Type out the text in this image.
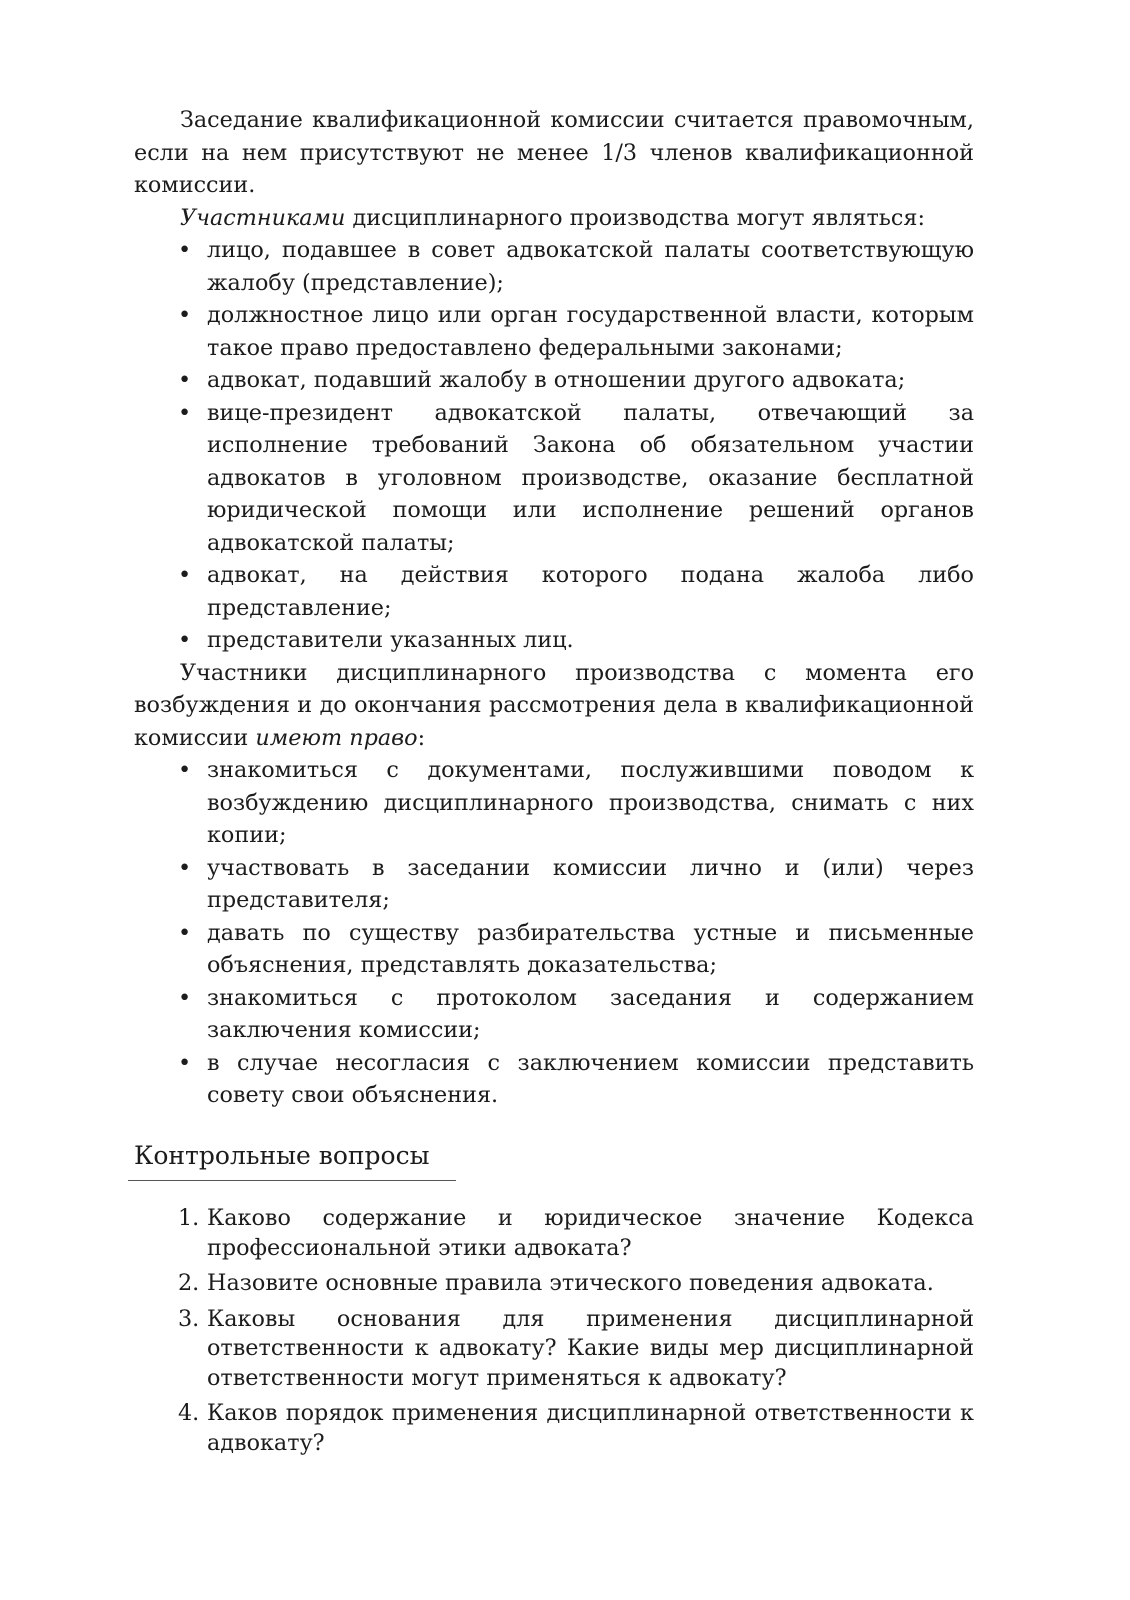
Заседание квалификационной комиссии считается правомочным, если на нем присутствуют не менее 1/3 членов квалификационной комиссии.

Участниками дисциплинарного производства могут являться:

• лицо, подавшее в совет адвокатской палаты соответствующую жалобу (представление);
• должностное лицо или орган государственной власти, которым такое право предоставлено федеральными законами;
• адвокат, подавший жалобу в отношении другого адвоката;
• вице-президент адвокатской палаты, отвечающий за исполнение требований Закона об обязательном участии адвокатов в уголовном производстве, оказание бесплатной юридической помощи или исполнение решений органов адвокатской палаты;
• адвокат, на действия которого подана жалоба либо представление;
• представители указанных лиц.

Участники дисциплинарного производства с момента его возбуждения и до окончания рассмотрения дела в квалификационной комиссии имеют право:

• знакомиться с документами, послужившими поводом к возбуждению дисциплинарного производства, снимать с них копии;
• участвовать в заседании комиссии лично и (или) через представителя;
• давать по существу разбирательства устные и письменные объяснения, представлять доказательства;
• знакомиться с протоколом заседания и содержанием заключения комиссии;
• в случае несогласия с заключением комиссии представить совету свои объяснения.
Контрольные вопросы
1. Каково содержание и юридическое значение Кодекса профессиональной этики адвоката?
2. Назовите основные правила этического поведения адвоката.
3. Каковы основания для применения дисциплинарной ответственности к адвокату? Какие виды мер дисциплинарной ответственности могут применяться к адвокату?
4. Каков порядок применения дисциплинарной ответственности к адвокату?
